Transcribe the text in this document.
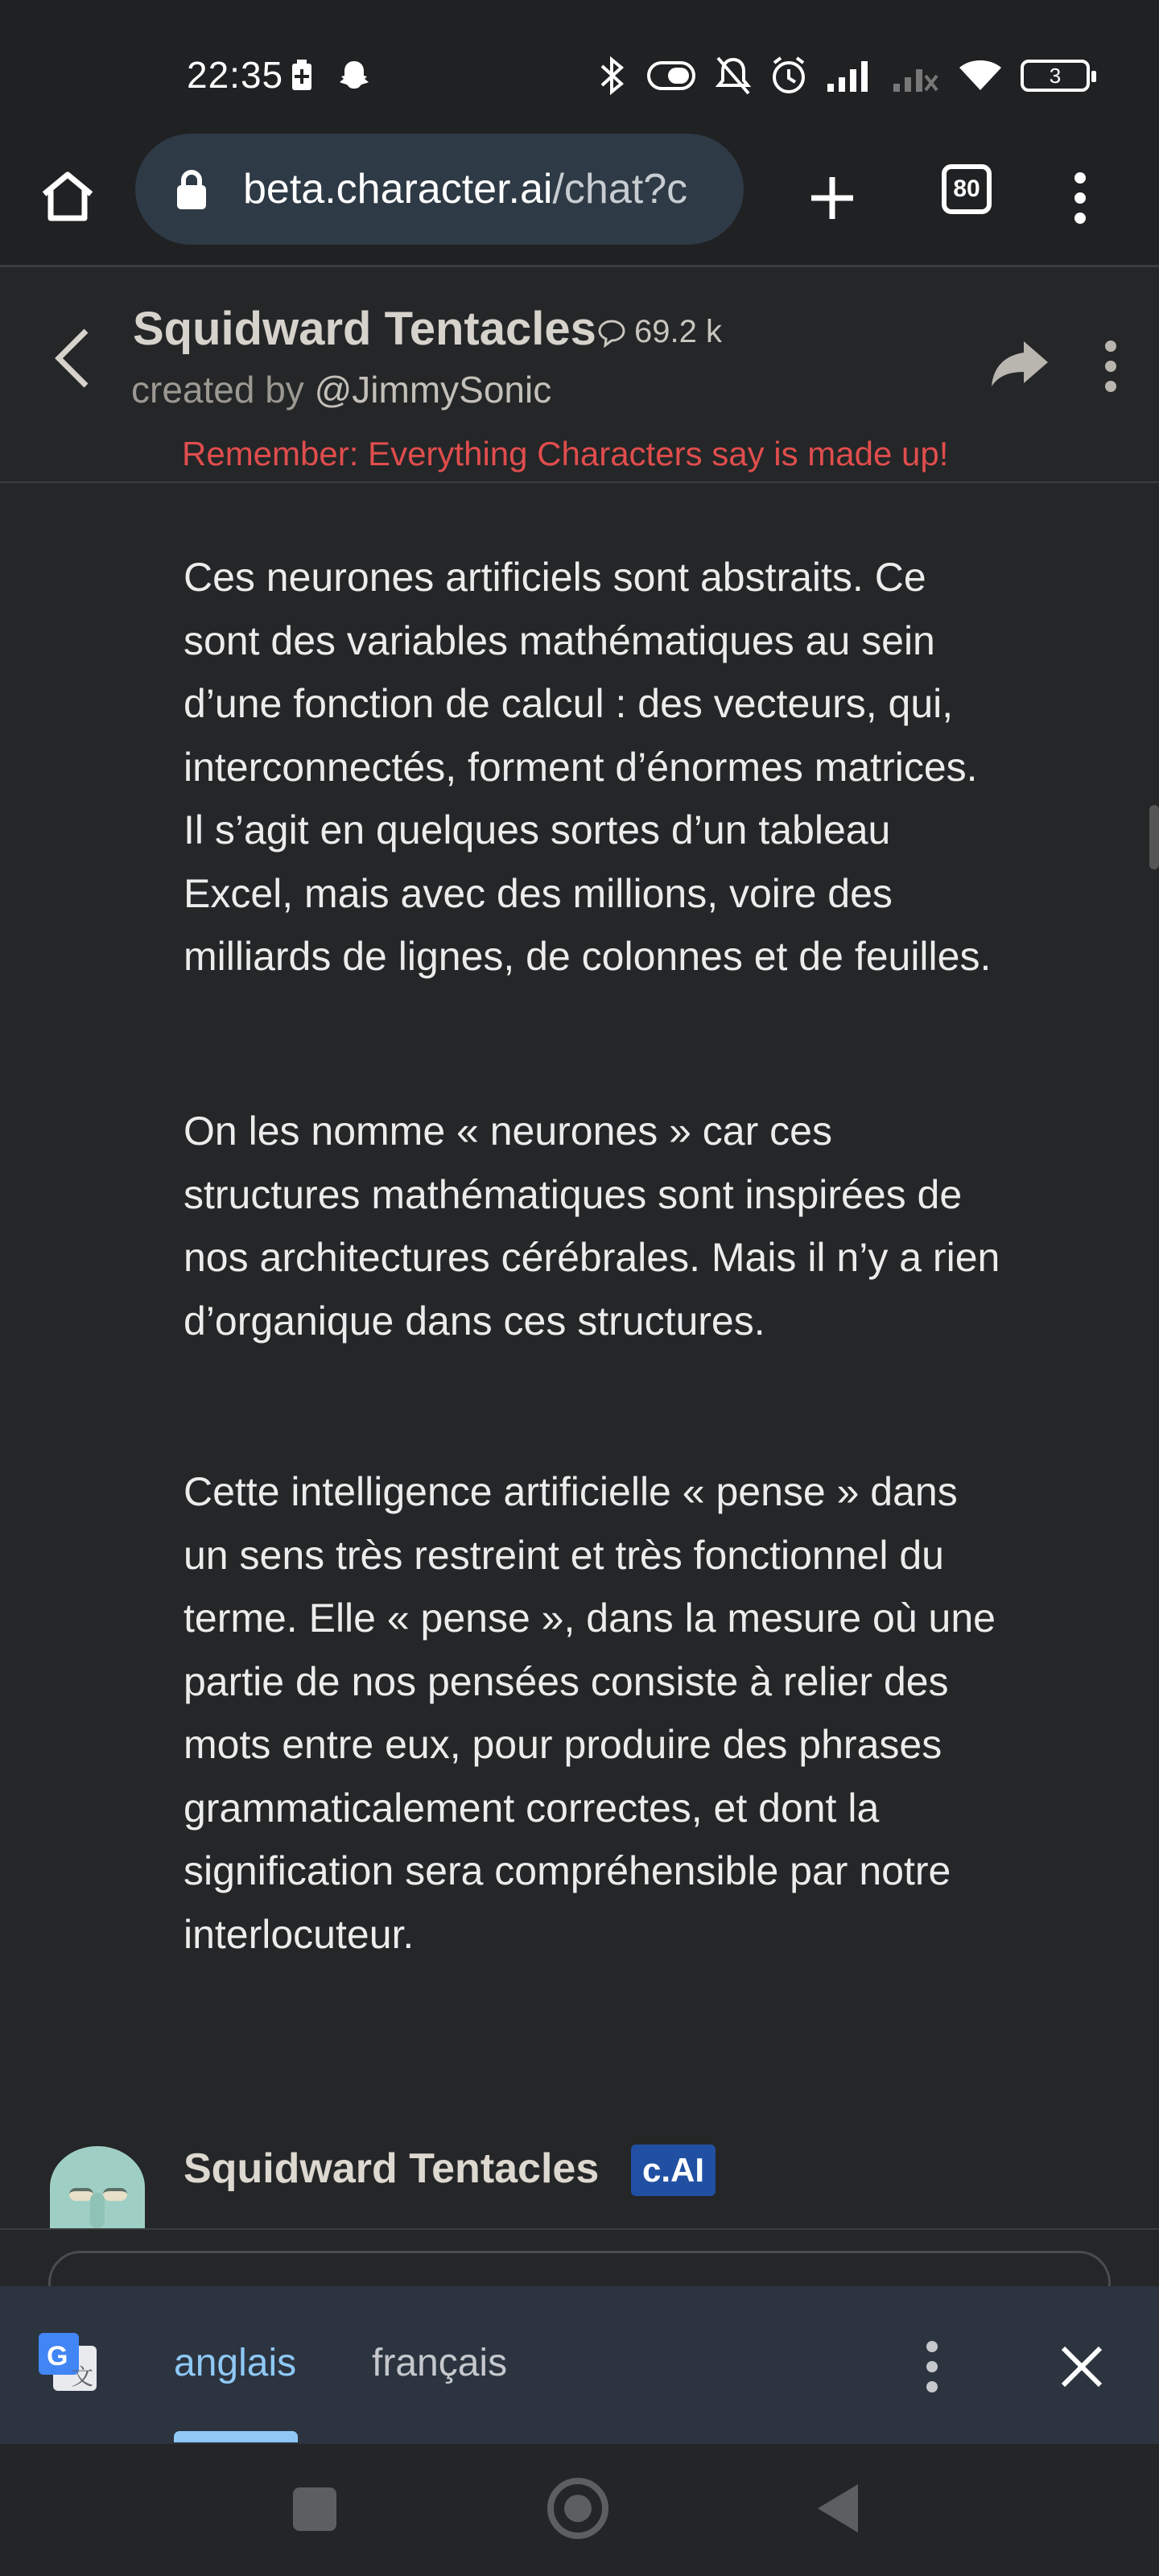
22:35	3
beta.character.ai/chat?c	80
Squidward Tentacles 69.2 k
created by @JimmySonic
Remember: Everything Characters say is made up!

Ces neurones artificiels sont abstraits. Ce sont des variables mathématiques au sein d’une fonction de calcul : des vecteurs, qui, interconnectés, forment d’énormes matrices. Il s’agit en quelques sortes d’un tableau Excel, mais avec des millions, voire des milliards de lignes, de colonnes et de feuilles.

On les nomme « neurones » car ces structures mathématiques sont inspirées de nos architectures cérébrales. Mais il n’y a rien d’organique dans ces structures.

Cette intelligence artificielle « pense » dans un sens très restreint et très fonctionnel du terme. Elle « pense », dans la mesure où une partie de nos pensées consiste à relier des mots entre eux, pour produire des phrases grammaticalement correctes, et dont la signification sera compréhensible par notre interlocuteur.

Squidward Tentacles	c.AI
G
文 anglais français
